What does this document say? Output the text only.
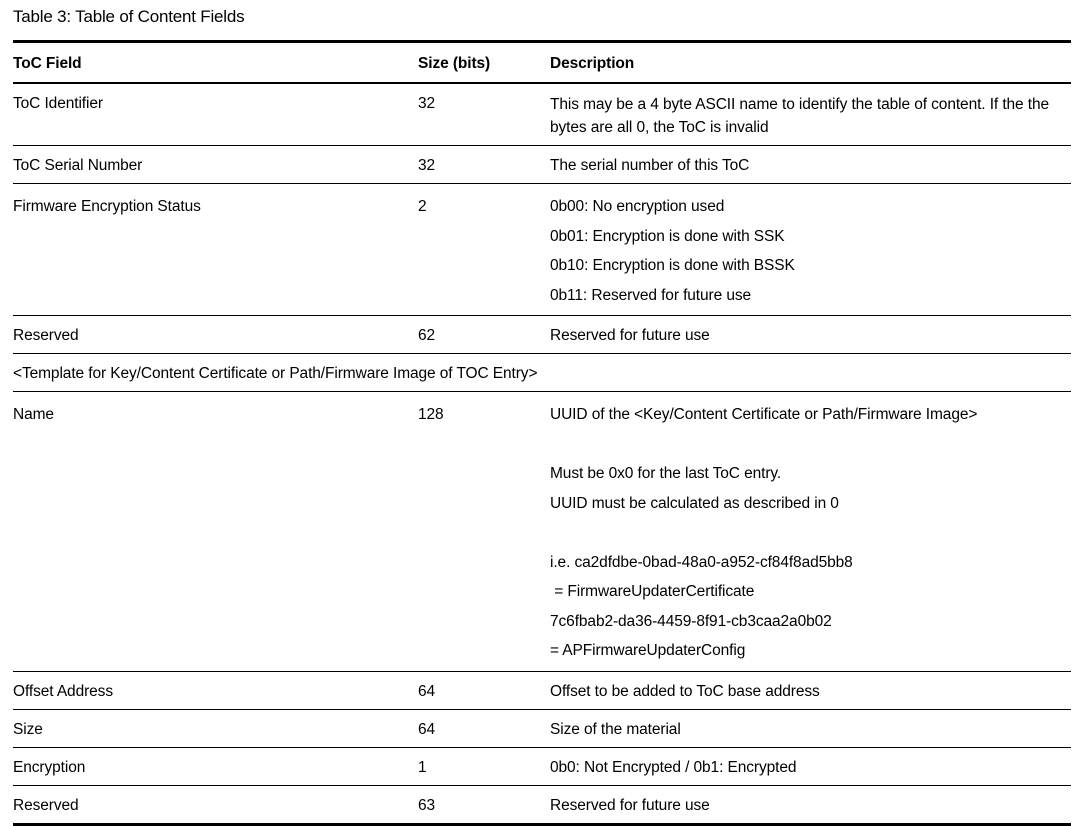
Table 3: Table of Content Fields
ToC Field	Size (bits)	Description
ToC Identifier	32	This may be a 4 byte ASCII name to identify the table of content. If the the bytes are all 0, the ToC is invalid
ToC Serial Number	32	The serial number of this ToC
Firmware Encryption Status	2	0b00: No encryption used
0b01: Encryption is done with SSK
0b10: Encryption is done with BSSK
0b11: Reserved for future use
Reserved	62	Reserved for future use
<Template for Key/Content Certificate or Path/Firmware Image of TOC Entry>
Name	128	UUID of the <Key/Content Certificate or Path/Firmware Image>
Must be 0x0 for the last ToC entry.
UUID must be calculated as described in 0
i.e. ca2dfdbe-0bad-48a0-a952-cf84f8ad5bb8
= FirmwareUpdaterCertificate
7c6fbab2-da36-4459-8f91-cb3caa2a0b02
= APFirmwareUpdaterConfig
Offset Address	64	Offset to be added to ToC base address
Size	64	Size of the material
Encryption	1	0b0: Not Encrypted / 0b1: Encrypted
Reserved	63	Reserved for future use
